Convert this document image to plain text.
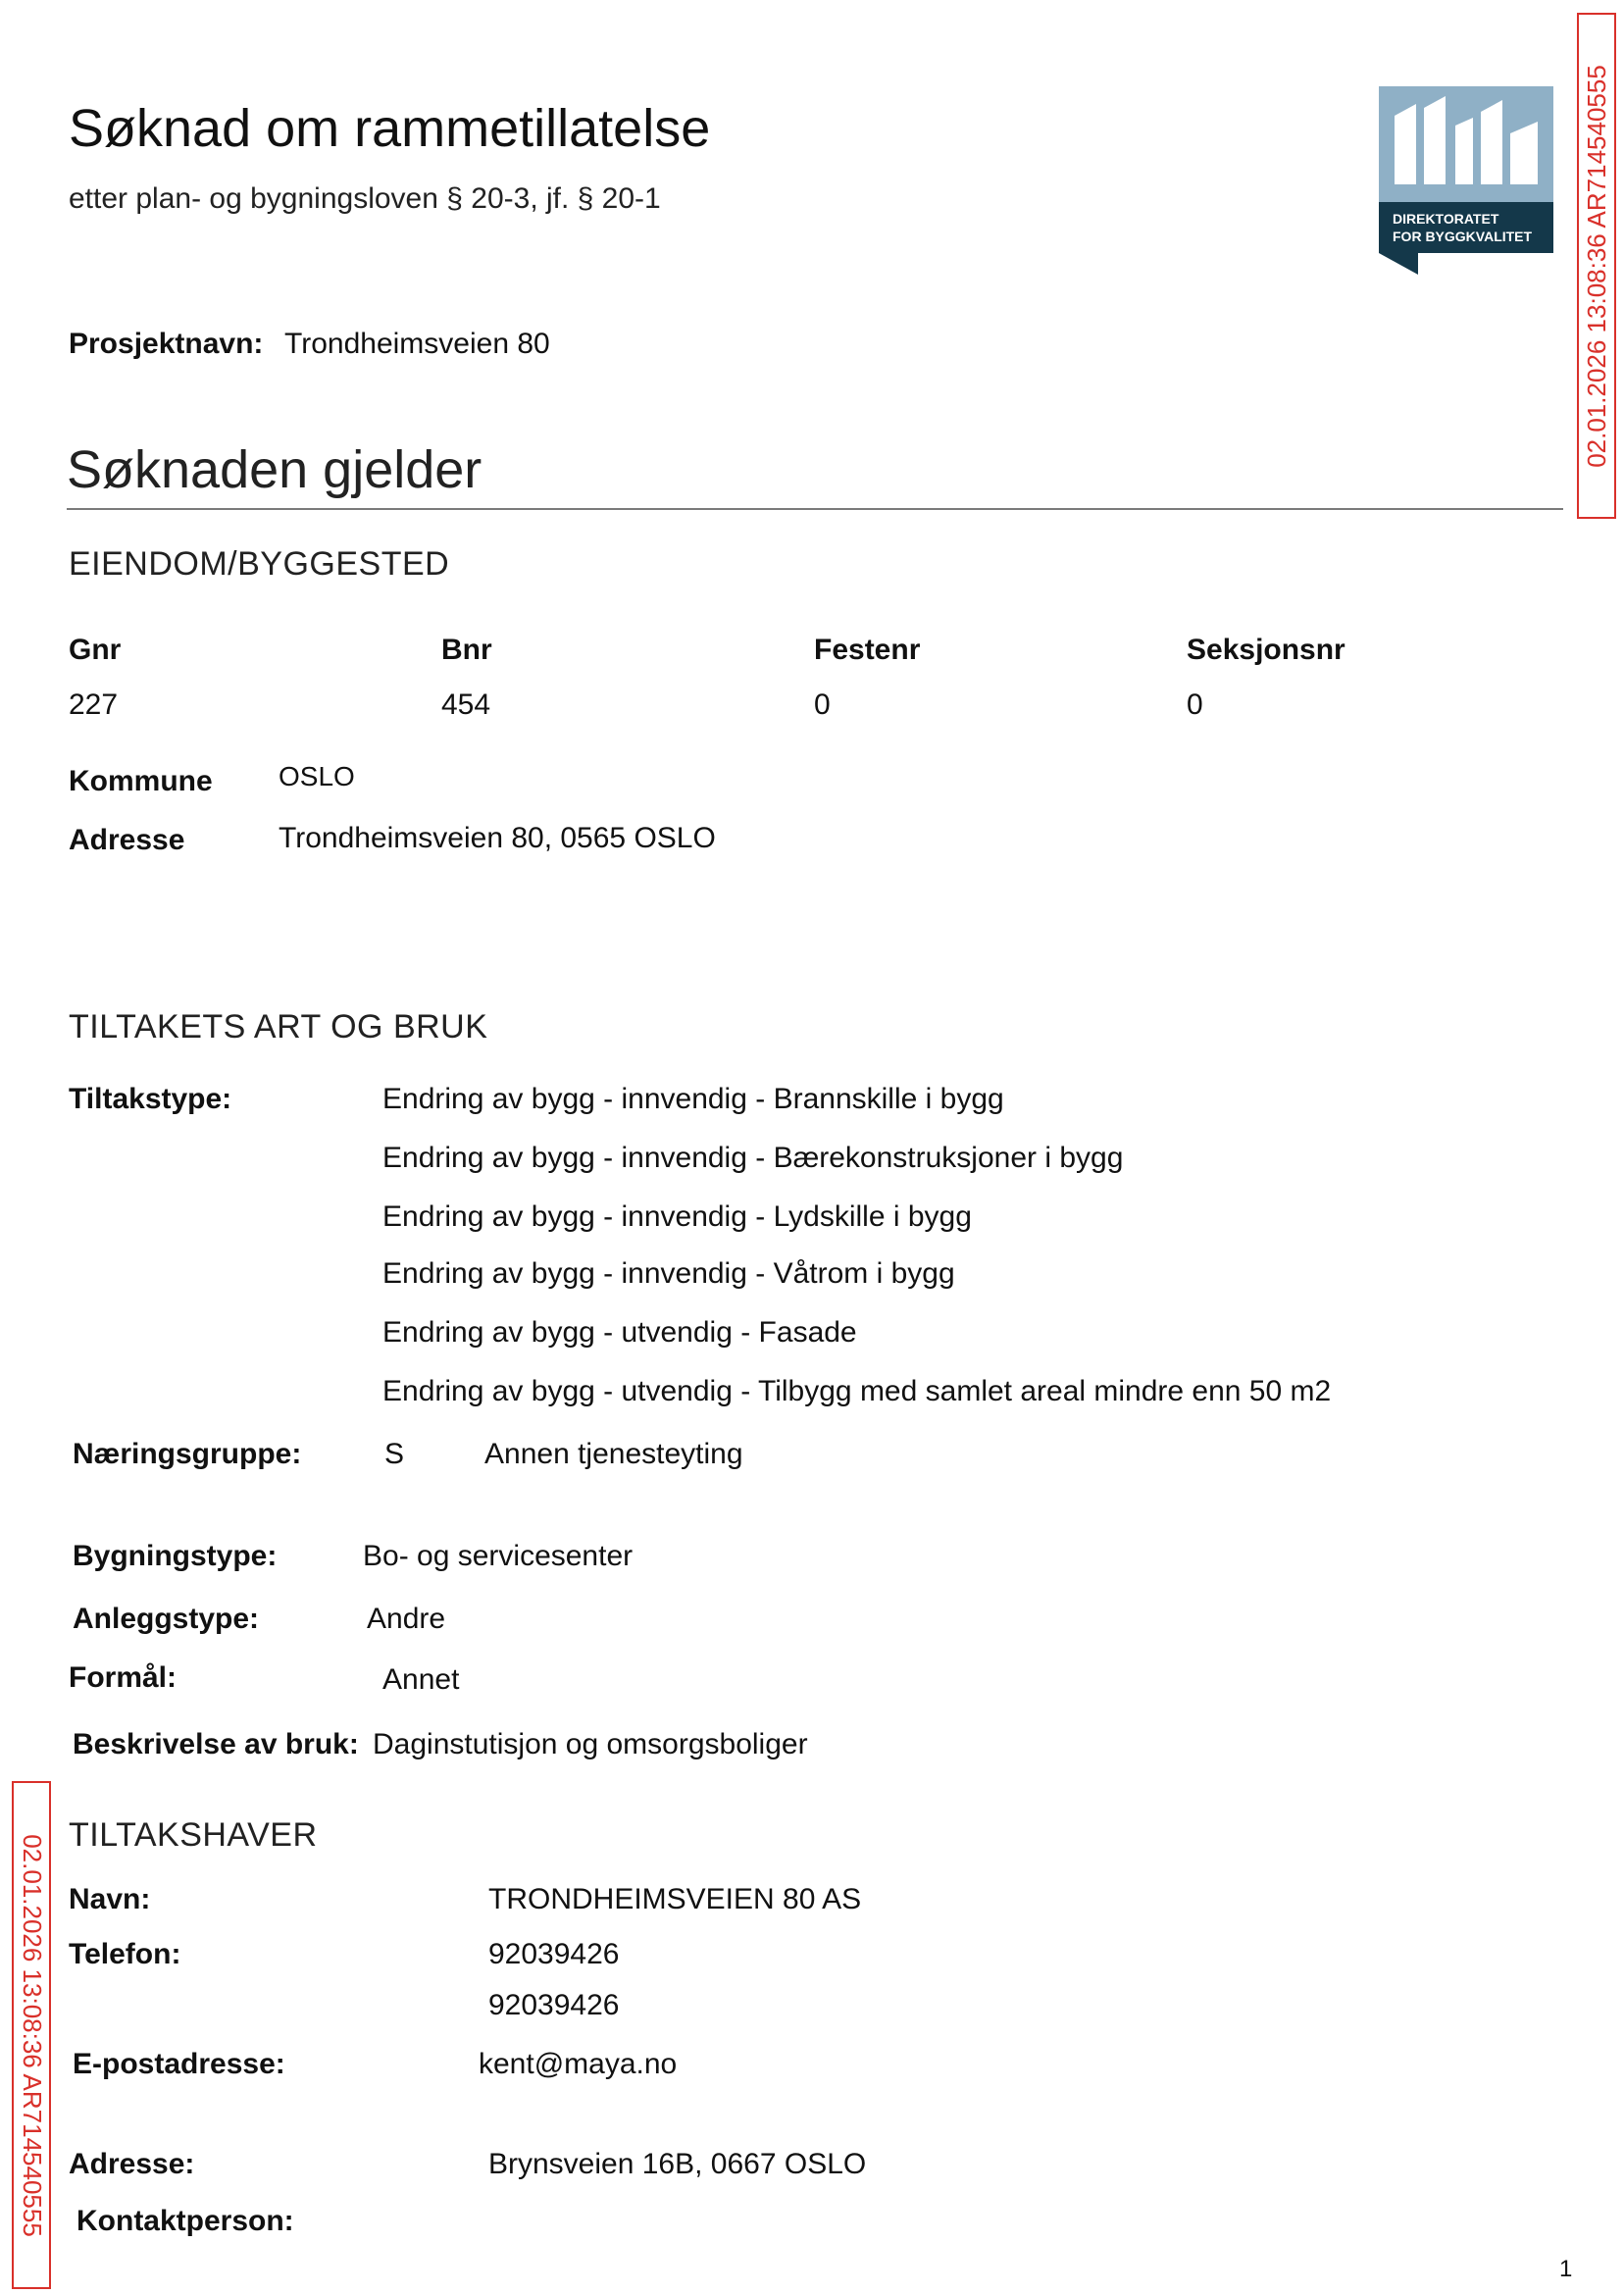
Søknad om rammetillatelse
etter plan- og bygningsloven § 20-3, jf. § 20-1
DIREKTORATET
FOR BYGGKVALITET 02.01.2026 13:08:36 AR714540555
02.01.2026 13:08:36 AR714540555
Prosjektnavn: Trondheimsveien 80
Søknaden gjelder
EIENDOM/BYGGESTED
Gnr	Bnr	Festenr	Seksjonsnr
227	454	0	0
Kommune OSLO
Adresse	Trondheimsveien 80, 0565 OSLO
TILTAKETS ART OG BRUK
Tiltakstype:	Endring av bygg - innvendig - Brannskille i bygg
Endring av bygg - innvendig - Bærekonstruksjoner i bygg
Endring av bygg - innvendig - Lydskille i bygg
Endring av bygg - innvendig - Våtrom i bygg
Endring av bygg - utvendig - Fasade
Endring av bygg - utvendig - Tilbygg med samlet areal mindre enn 50 m2
Næringsgruppe:	S	Annen tjenesteyting
Bygningstype:	Bo- og servicesenter
Anleggstype:	Andre
Formål:	Annet
Beskrivelse av bruk: Daginstutisjon og omsorgsboliger
TILTAKSHAVER
Navn:	TRONDHEIMSVEIEN 80 AS
Telefon:	92039426
92039426
E-postadresse:	kent@maya.no
Adresse:	Brynsveien 16B, 0667 OSLO
Kontaktperson:
1
